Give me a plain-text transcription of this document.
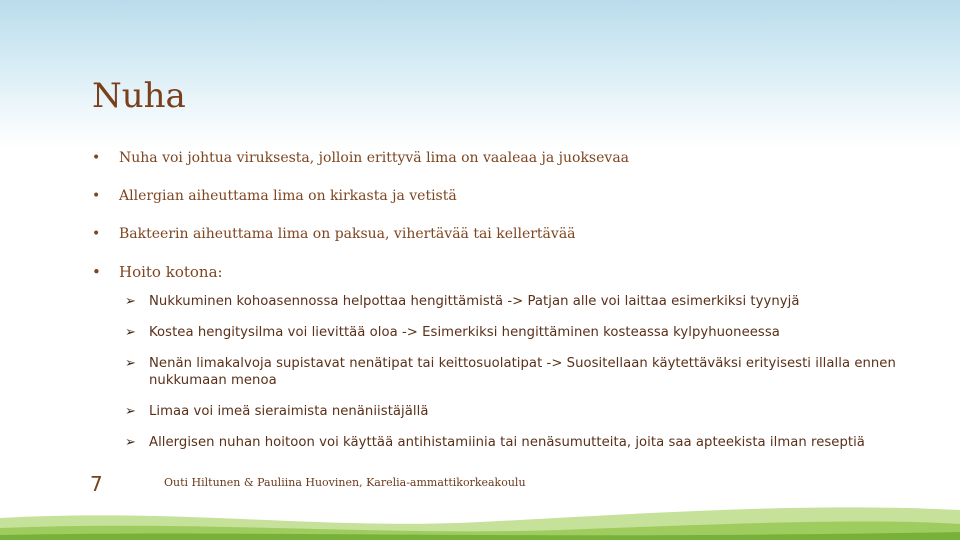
Nuha
• Nuha voi johtua viruksesta, jolloin erittyvä lima on vaaleaa ja juoksevaa
• Allergian aiheuttama lima on kirkasta ja vetistä
• Bakteerin aiheuttama lima on paksua, vihertävää tai kellertävää
• Hoito kotona:
➢ Nukkuminen kohoasennossa helpottaa hengittämistä -> Patjan alle voi laittaa esimerkiksi tyynyjä
➢ Kostea hengitysilma voi lievittää oloa -> Esimerkiksi hengittäminen kosteassa kylpyhuoneessa
➢ Nenän limakalvoja supistavat nenätipat tai keittosuolatipat -> Suositellaan käytettäväksi erityisesti illalla ennen nukkumaan menoa
➢ Limaa voi imeä sieraimista nenäniistäjällä
➢ Allergisen nuhan hoitoon voi käyttää antihistamiinia tai nenäsumutteita, joita saa apteekista ilman reseptiä
7	Outi Hiltunen & Pauliina Huovinen, Karelia-ammattikorkeakoulu
